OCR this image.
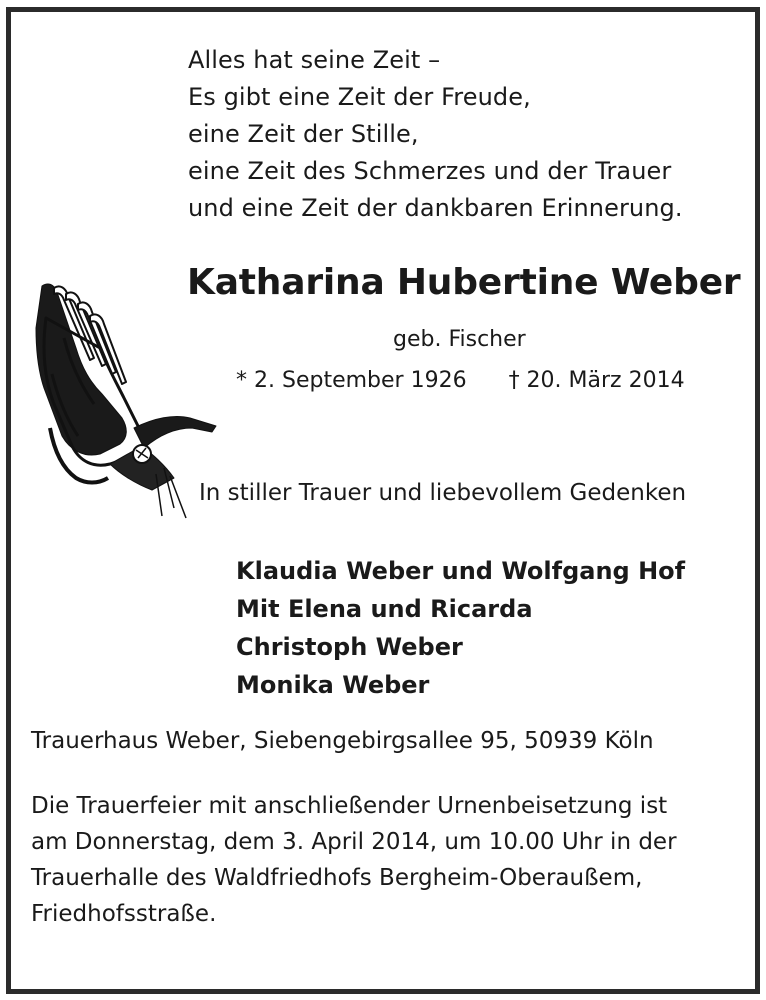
Alles hat seine Zeit –
Es gibt eine Zeit der Freude,
eine Zeit der Stille,
eine Zeit des Schmerzes und der Trauer
und eine Zeit der dankbaren Erinnerung.
Katharina Hubertine Weber
geb. Fischer
* 2. September 1926 † 20. März 2014
In stiller Trauer und liebevollem Gedenken
Klaudia Weber und Wolfgang Hof
Mit Elena und Ricarda
Christoph Weber
Monika Weber
Trauerhaus Weber, Siebengebirgsallee 95, 50939 Köln
Die Trauerfeier mit anschließender Urnenbeisetzung ist
am Donnerstag, dem 3. April 2014, um 10.00 Uhr in der
Trauerhalle des Waldfriedhofs Bergheim-Oberaußem,
Friedhofsstraße.
